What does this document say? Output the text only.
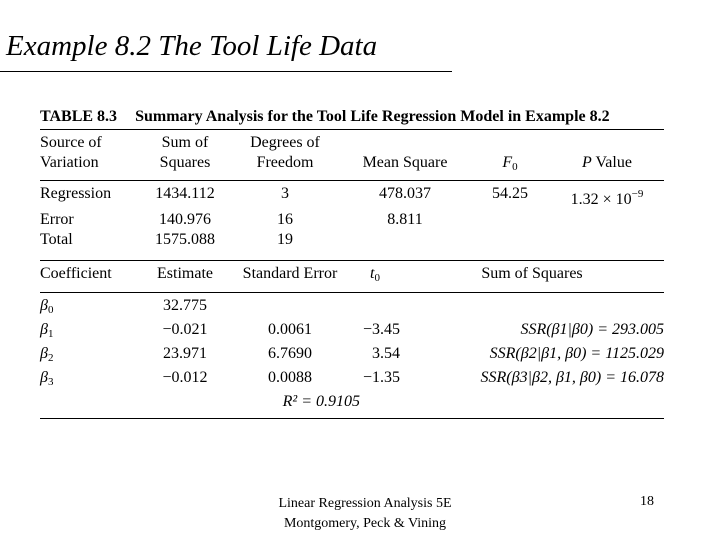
Example 8.2 The Tool Life Data
TABLE 8.3 Summary Analysis for the Tool Life Regression Model in Example 8.2
Source of	Sum of	Degrees of			
Variation	Squares	Freedom	Mean Square	$F_0$	P Value
Regression	1434.112	3	478.037	54.25	$1.32 \times 10^{-9}$
Error	140.976	16	8.811		
Total	1575.088	19			
Coefficient	Estimate	Standard Error	$t_0$	Sum of Squares
$\beta_0$	32.775			
$\beta_1$	−0.021	0.0061	−3.45	SSR(β1|β0) = 293.005
$\beta_2$	23.971	6.7690	3.54	SSR(β2|β1, β0) = 1125.029
$\beta_3$	−0.012	0.0088	−1.35	SSR(β3|β2, β1, β0) = 16.078
	R² = 0.9105			
Linear Regression Analysis 5E
Montgomery, Peck & Vining
18
